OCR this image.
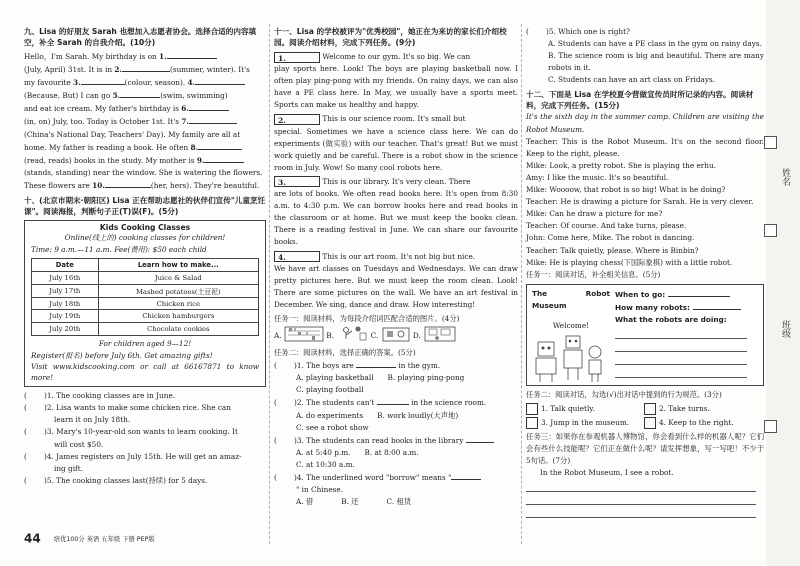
九、Lisa 的好朋友 Sarah 也想加入志愿者协会。选择合适的内容填空，补全 Sarah 的自我介绍。(10分)

Hello，I'm Sarah. My birthday is on 1.

(July, April) 31st. It is in 2.	(summer, winter). It's

my favourite 3.	(colour, season). 4.

(Because, But) I can go 5.	(swim, swimming)

and eat ice cream. My father's birthday is 6.

(in, on) July, too. Today is October 1st. It's 7.

(China's National Day, Teachers' Day). My family are all at

home. My father is reading a book. He often 8.

(read, reads) books in the study. My mother is 9.

(stands, standing) near the window. She is watering the flowers.

These flowers are 10.	(her, hers). They're beautiful.

十、(北京市期末·朝阳区) Lisa 正在帮助志愿社的伙伴们宣传"儿童烹饪课"。阅读海报，判断句子正(T)误(F)。(5分)

Kids Cooking Classes
Online(线上的) cooking classes for children!
Time: 9 a.m.—11 a.m. Fee(费用): $50 each child
Date	Learn how to make...
July 16th	Juice & Salad
July 17th	Mashed potatoes(土豆泥)
July 18th	Chicken rice
July 19th	Chicken hamburgers
July 20th	Chocolate cookies
For children aged 9—12!
Register(报名) before July 6th. Get amazing gifts!
Visit www.kidscooking.com or call at 66167871 to know more!

( )1. The cooking classes are in June.

( )2. Lisa wants to make some chicken rice. She can

learn it on July 18th.

( )3. Mary's 10-year-old son wants to learn cooking. It

will cost $50.

( )4. James registers on July 15th. He will get an amaz-

ing gift.

( )5. The cooking classes last(持续) for 5 days.

十一、Lisa 的学校被评为"优秀校园"，她正在为来访的家长们介绍校园。阅读介绍材料，完成下列任务。(9分)

1.	Welcome to our gym. It's so big. We can

play sports here. Look! The boys are playing basketball now. I often play ping-pong with my friends. On rainy days, we can also have a PE class here. In May, we usually have a sports meet. Sports can make us healthy and happy.

2.	This is our science room. It's small but

special. Sometimes we have a science class here. We can do experiments (做实验) with our teacher. That's great! But we must work quietly and be careful. There is a robot show in the science room in July. Wow! So many cool robots here.

3.	This is our library. It's very clean. There

are lots of books. We often read books here. It's open from 8:30 a.m. to 4:30 p.m. We can borrow books here and read books in the classroom or at home. But we must keep the books clean. There is a reading festival in June. We can share our favourite books.

4.	This is our art room. It's not big but nice.

We have art classes on Tuesdays and Wednesdays. We can draw pretty pictures here. But we must keep the room clean. Look! There are some pictures on the wall. We have an art festival in December. We sing, dance and draw. How interesting!

任务一：阅读材料，为每段介绍词匹配合适的图片。(4分)

A.	B.	C.	D.

任务二：阅读材料，选择正确的答案。(5分)

( )1. The boys are	in the gym.

A. playing basketball B. playing ping-pong

C. playing football

( )2. The students can't	in the science room.

A. do experiments B. work loudly(大声地)

C. see a robot show

( )3. The students can read books in the library

A. at 5:40 p.m. B. at 8:00 a.m.

C. at 10:30 a.m.

( )4. The underlined word "borrow" means "

" in Chinese.

A. 借	B. 还	C. 租赁

( )5. Which one is right?

A. Students can have a PE class in the gym on rainy days.

B. The science room is big and beautiful. There are many robots in it.

C. Students can have an art class on Fridays.

十二、下面是 Lisa 在学校夏令营做宣传员时所记录的内容。阅读材料，完成下列任务。(15分)

It's the sixth day in the summer camp. Children are visiting the Robot Museum.

Teacher: This is the Robot Museum. It's on the second floor. Keep to the right, please.

Mike: Look, a pretty robot. She is playing the erhu.

Amy: I like the music. It's so beautiful.

Mike: Woooow, that robot is so big! What is he doing?

Teacher: He is drawing a picture for Sarah. He is very clever.

Mike: Can he draw a picture for me?

Teacher: Of course. And take turns, please.

John: Come here, Mike. The robot is dancing.

Teacher: Talk quietly, please. Where is Binbin?

Mike: He is playing chess(下国际象棋) with a little robot.

任务一：阅读对话，补全相关信息。(5分)

The Robot Museum
Welcome!

When to go:

How many robots:

What the robots are doing:

任务二：阅读对话，勾选(√)出对话中提到的行为规范。(3分)

1. Talk quietly.	2. Take turns.

3. Jump in the museum.	4. Keep to the right.

任务三：如果你在参观机器人博物馆，你会看到什么样的机器人呢？它们会有些什么技能呢？它们正在做什么呢？请发挥想象，写一写吧！不少于5句话。(7分)

In the Robot Museum, I see a robot.

姓名
班级
44 培优100分 英语 五年级 下册 PEP版
